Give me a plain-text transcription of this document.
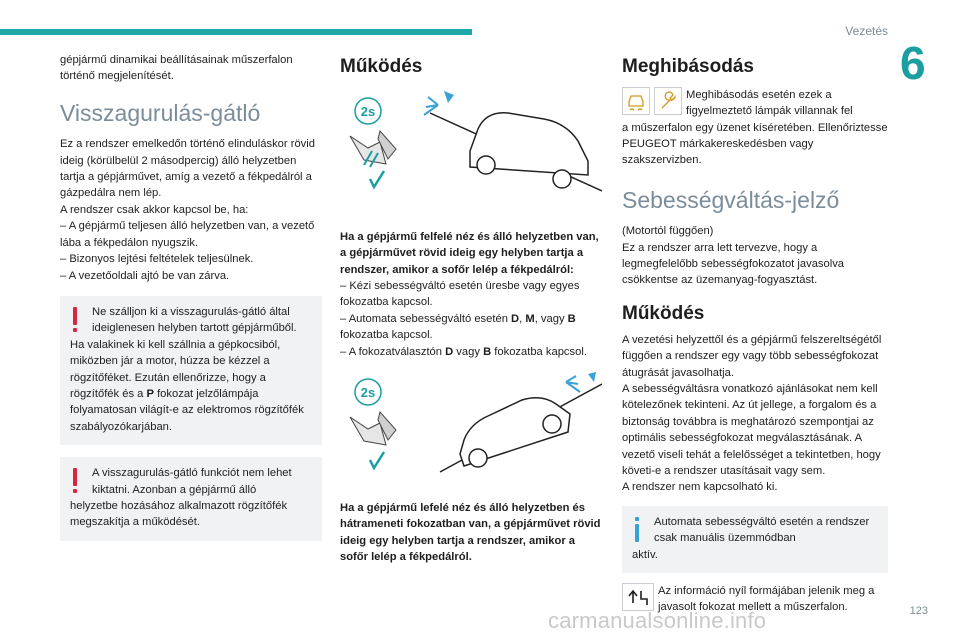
Vezetés
6

gépjármű dinamikai beállításainak műszerfalon történő megjelenítését.

Visszagurulás-gátló

Ez a rendszer emelkedőn történő elinduláskor rövid ideig (körülbelül 2 másodpercig) álló helyzetben tartja a gépjárművet, amíg a vezető a fékpedálról a gázpedálra nem lép.

A rendszer csak akkor kapcsol be, ha:

– A gépjármű teljesen álló helyzetben van, a vezető lába a fékpedálon nyugszik.

– Bizonyos lejtési feltételek teljesülnek.

– A vezetőoldali ajtó be van zárva.

Ne szálljon ki a visszagurulás-gátló által ideiglenesen helyben tartott gépjárműből.
Ha valakinek ki kell szállnia a gépkocsiból, miközben jár a motor, húzza be kézzel a rögzítőféket. Ezután ellenőrizze, hogy a rögzítőfék és a P fokozat jelzőlámpája folyamatosan világít-e az elektromos rögzítőfék szabályozókarjában.

A visszagurulás-gátló funkciót nem lehet kiktatni. Azonban a gépjármű álló
helyzetbe hozásához alkalmazott rögzítőfék megszakítja a működését.

Működés
2s

Ha a gépjármű felfelé néz és álló helyzetben van, a gépjárművet rövid ideig egy helyben tartja a rendszer, amikor a sofőr lelép a fékpedálról:

– Kézi sebességváltó esetén üresbe vagy egyes fokozatba kapcsol.

– Automata sebességváltó esetén D, M, vagy B fokozatba kapcsol.

– A fokozatválasztón D vagy B fokozatba kapcsol.

2s

Ha a gépjármű lefelé néz és álló helyzetben és hátrameneti fokozatban van, a gépjárművet rövid ideig egy helyben tartja a rendszer, amikor a sofőr lelép a fékpedálról.

Meghibásodás

Meghibásodás esetén ezek a figyelmeztető lámpák villannak fel

a műszerfalon egy üzenet kíséretében. Ellenőriztesse PEUGEOT márkakereskedésben vagy szakszervizben.

Sebességváltás-jelző

(Motortól függően)
Ez a rendszer arra lett tervezve, hogy a legmegfelelőbb sebességfokozatot javasolva csökkentse az üzemanyag-fogyasztást.

Működés

A vezetési helyzettől és a gépjármű felszereltségétől függően a rendszer egy vagy több sebességfokozat átugrását javasolhatja.
A sebességváltásra vonatkozó ajánlásokat nem kell kötelezőnek tekinteni. Az út jellege, a forgalom és a biztonság továbbra is meghatározó szempontjai az optimális sebességfokozat megválasztásának. A vezető viseli tehát a felelősséget a tekintetben, hogy követi-e a rendszer utasításait vagy sem.
A rendszer nem kapcsolható ki.

Automata sebességváltó esetén a rendszer csak manuális üzemmódban
aktív.

Az információ nyíl formájában jelenik meg a javasolt fokozat mellett a műszerfalon.

carmanualsonline.info	123
